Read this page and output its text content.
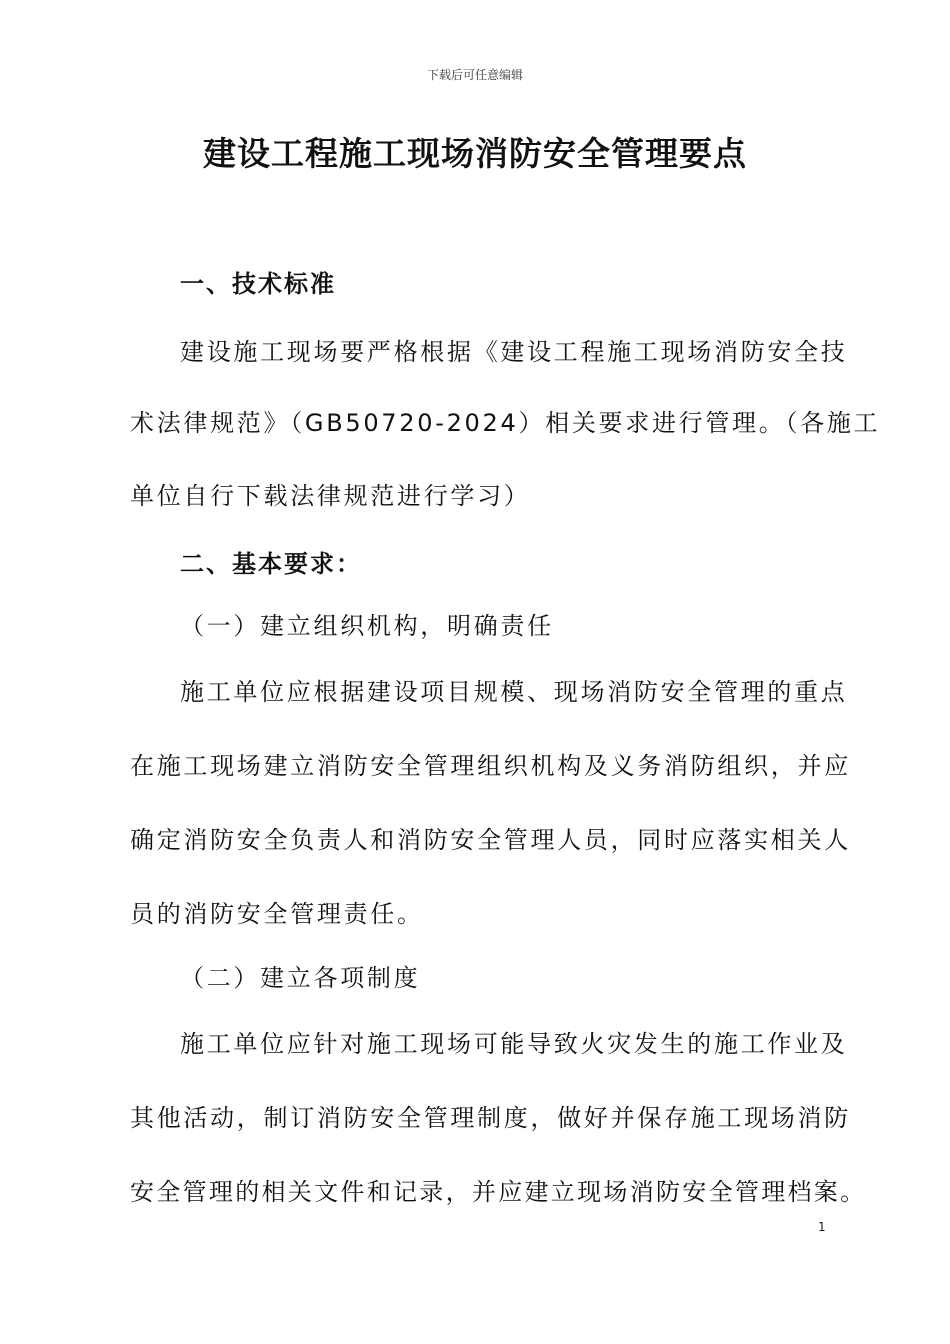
下载后可任意编辑
建设工程施工现场消防安全管理要点
一、技术标准
建设施工现场要严格根据《建设工程施工现场消防安全技
术法律规范》（GB50720-2024）相关要求进行管理。（各施工
单位自行下载法律规范进行学习）
二、基本要求：
（一）建立组织机构，明确责任
施工单位应根据建设项目规模、现场消防安全管理的重点
在施工现场建立消防安全管理组织机构及义务消防组织，并应
确定消防安全负责人和消防安全管理人员，同时应落实相关人
员的消防安全管理责任。
（二）建立各项制度
施工单位应针对施工现场可能导致火灾发生的施工作业及
其他活动，制订消防安全管理制度，做好并保存施工现场消防
安全管理的相关文件和记录，并应建立现场消防安全管理档案。
1
